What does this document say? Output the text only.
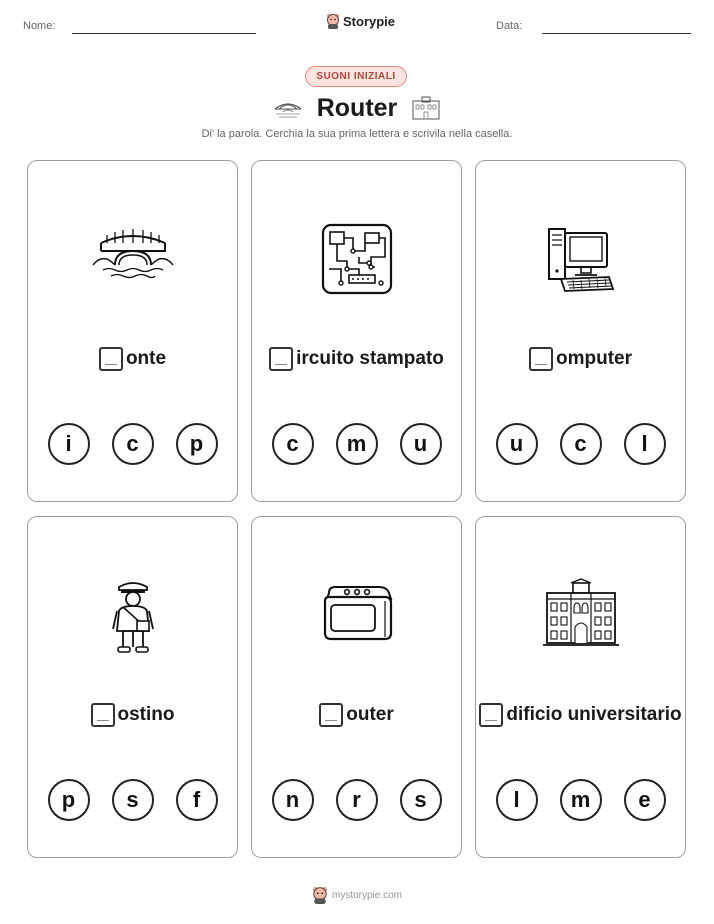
Nome:	Storypie	Data:
SUONI INIZIALI
Router
Di' la parola. Cerchia la sua prima lettera e scrivila nella casella.
onte
i	c	p
ircuito stampato
c	m	u
omputer
u	c	l
ostino
p	s	f
outer
n	r	s
dificio universitario
l	m	e
mystorypie.com
